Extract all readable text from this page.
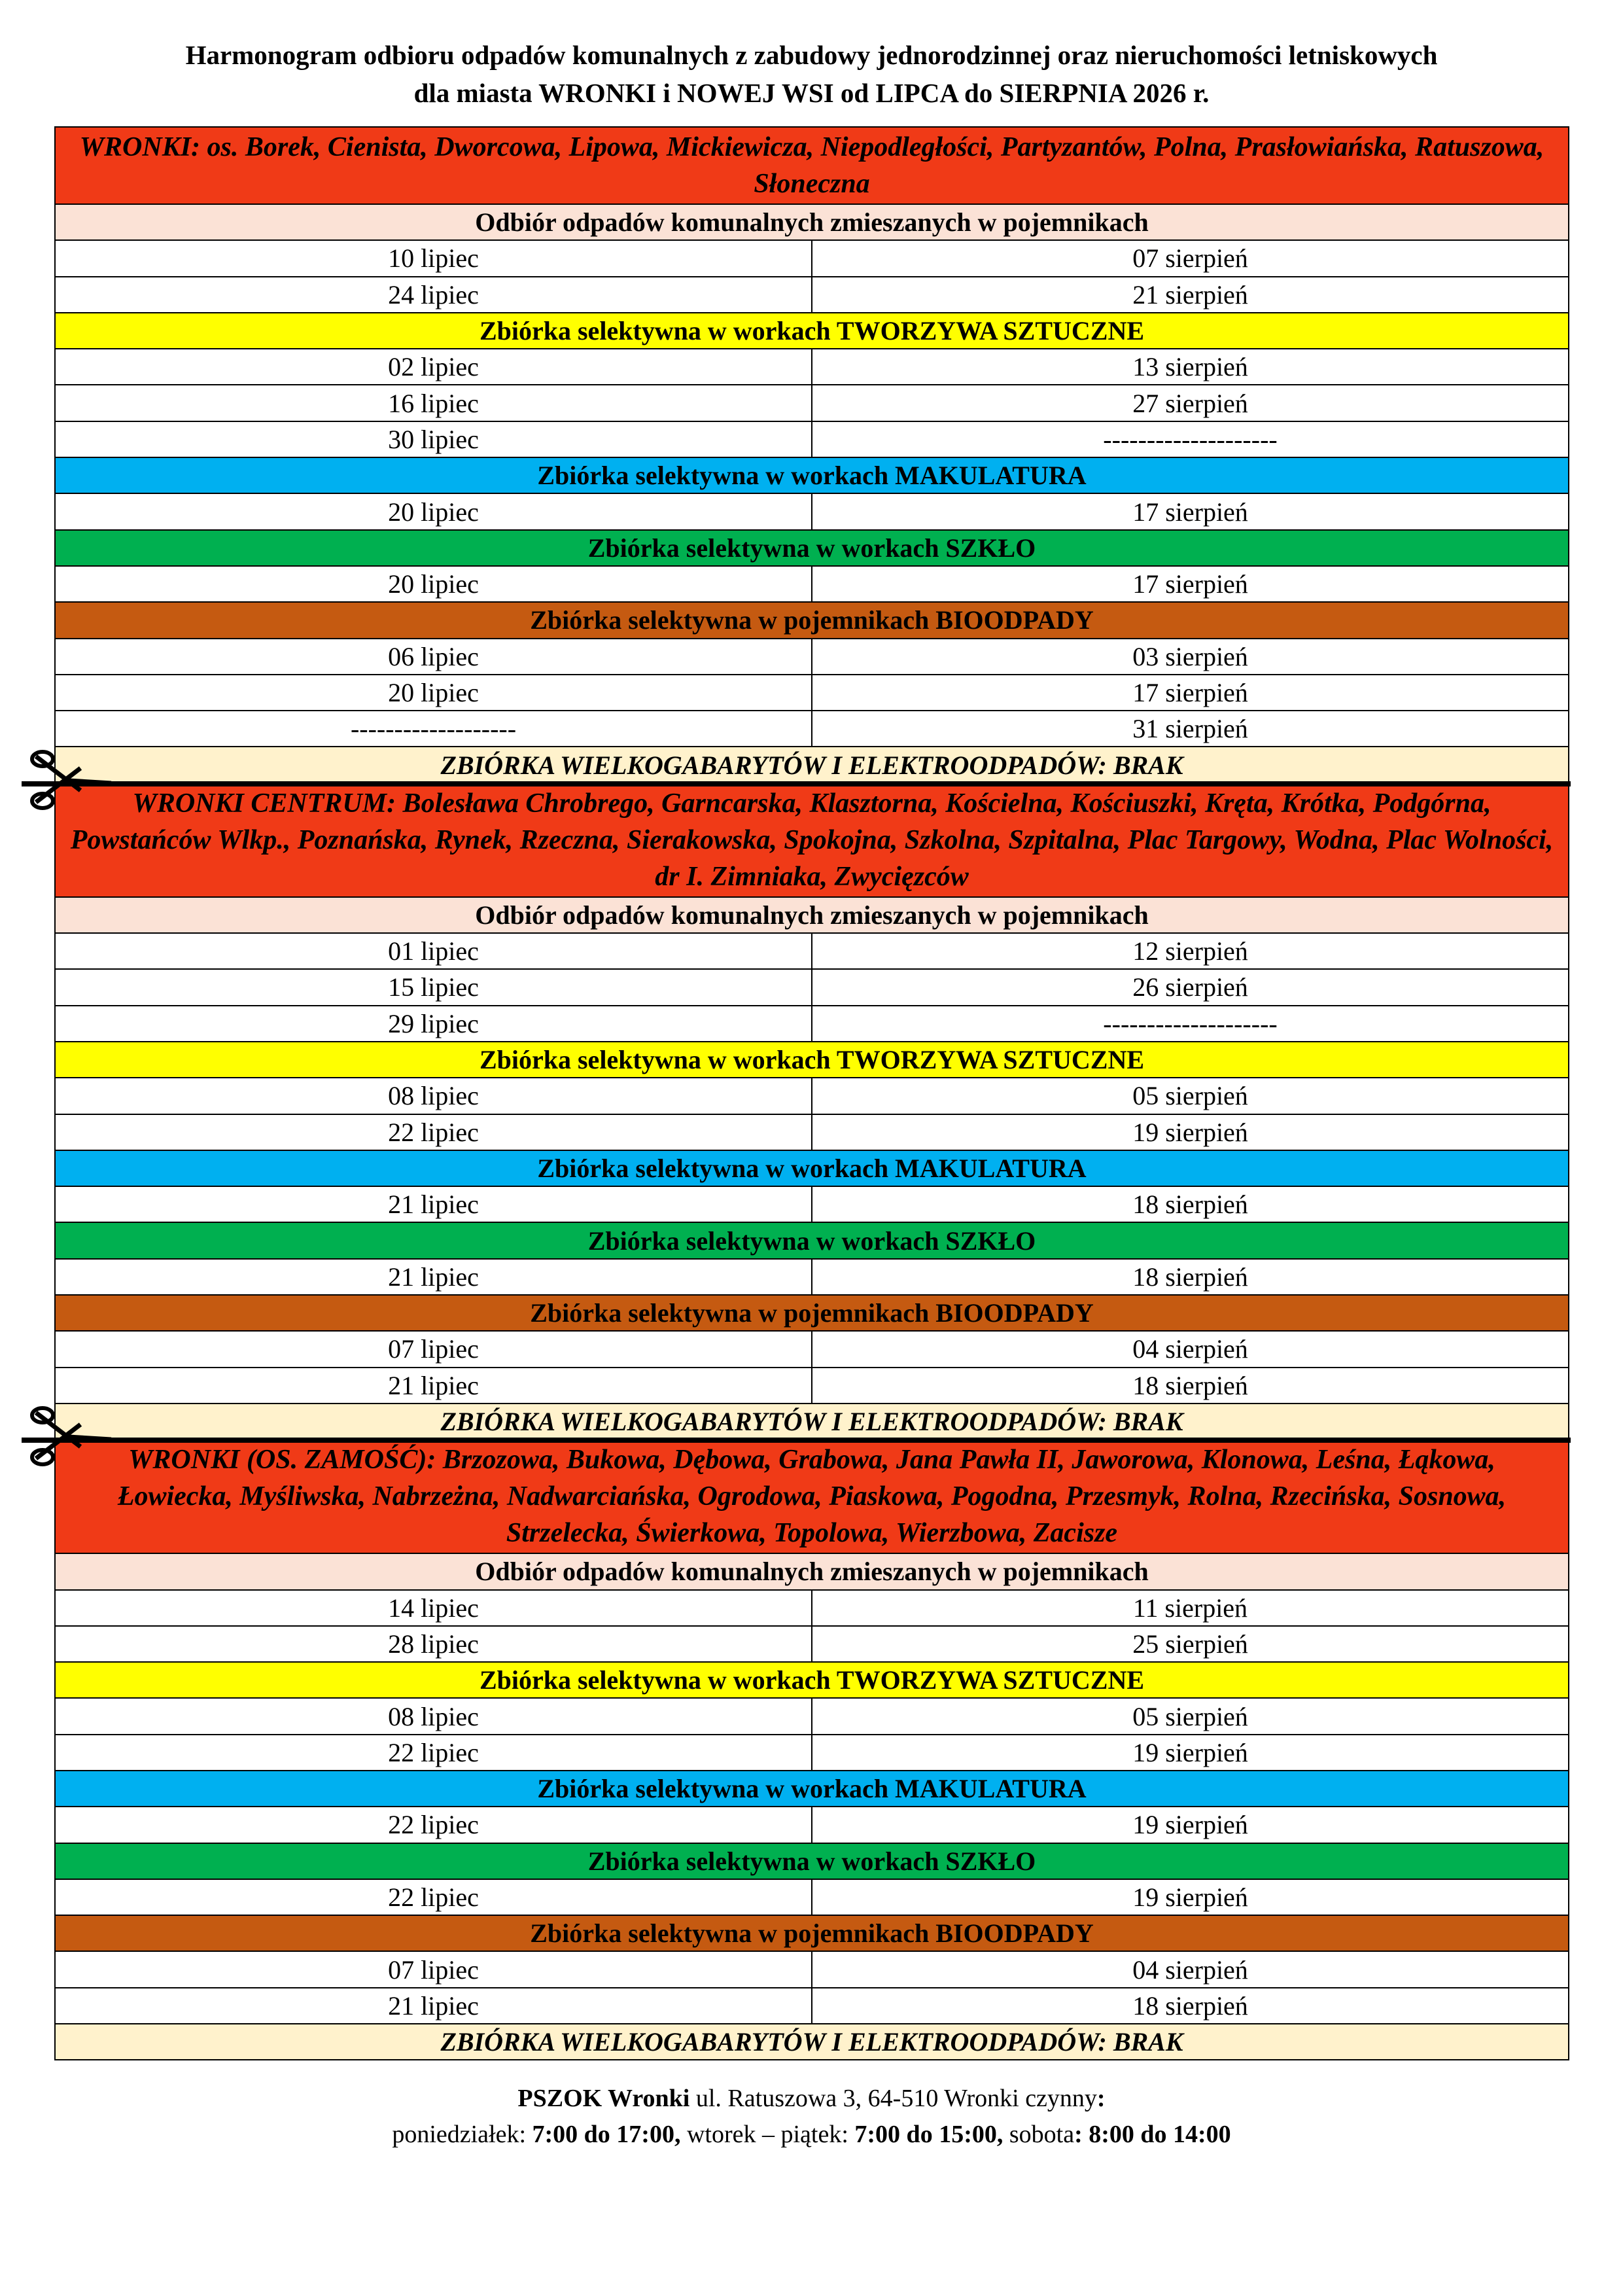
Harmonogram odbioru odpadów komunalnych z zabudowy jednorodzinnej oraz nieruchomości letniskowych
dla miasta WRONKI i NOWEJ WSI od LIPCA do SIERPNIA 2026 r.
WRONKI: os. Borek, Cienista, Dworcowa, Lipowa, Mickiewicza, Niepodległości, Partyzantów, Polna, Prasłowiańska, Ratuszowa, Słoneczna
Odbiór odpadów komunalnych zmieszanych w pojemnikach
10 lipiec	07 sierpień
24 lipiec	21 sierpień
Zbiórka selektywna w workach TWORZYWA SZTUCZNE
02 lipiec	13 sierpień
16 lipiec	27 sierpień
30 lipiec	--------------------
Zbiórka selektywna w workach MAKULATURA
20 lipiec	17 sierpień
Zbiórka selektywna w workach SZKŁO
20 lipiec	17 sierpień
Zbiórka selektywna w pojemnikach BIOODPADY
06 lipiec	03 sierpień
20 lipiec	17 sierpień
-------------------	31 sierpień
ZBIÓRKA WIELKOGABARYTÓW I ELEKTROODPADÓW: BRAK
WRONKI CENTRUM: Bolesława Chrobrego, Garncarska, Klasztorna, Kościelna, Kościuszki, Kręta, Krótka, Podgórna, Powstańców Wlkp., Poznańska, Rynek, Rzeczna, Sierakowska, Spokojna, Szkolna, Szpitalna, Plac Targowy, Wodna, Plac Wolności, dr I. Zimniaka, Zwycięzców
Odbiór odpadów komunalnych zmieszanych w pojemnikach
01 lipiec	12 sierpień
15 lipiec	26 sierpień
29 lipiec	--------------------
Zbiórka selektywna w workach TWORZYWA SZTUCZNE
08 lipiec	05 sierpień
22 lipiec	19 sierpień
Zbiórka selektywna w workach MAKULATURA
21 lipiec	18 sierpień
Zbiórka selektywna w workach SZKŁO
21 lipiec	18 sierpień
Zbiórka selektywna w pojemnikach BIOODPADY
07 lipiec	04 sierpień
21 lipiec	18 sierpień
ZBIÓRKA WIELKOGABARYTÓW I ELEKTROODPADÓW: BRAK
WRONKI (OS. ZAMOŚĆ): Brzozowa, Bukowa, Dębowa, Grabowa, Jana Pawła II, Jaworowa, Klonowa, Leśna, Łąkowa, Łowiecka, Myśliwska, Nabrzeżna, Nadwarciańska, Ogrodowa, Piaskowa, Pogodna, Przesmyk, Rolna, Rzecińska, Sosnowa, Strzelecka, Świerkowa, Topolowa, Wierzbowa, Zacisze
Odbiór odpadów komunalnych zmieszanych w pojemnikach
14 lipiec	11 sierpień
28 lipiec	25 sierpień
Zbiórka selektywna w workach TWORZYWA SZTUCZNE
08 lipiec	05 sierpień
22 lipiec	19 sierpień
Zbiórka selektywna w workach MAKULATURA
22 lipiec	19 sierpień
Zbiórka selektywna w workach SZKŁO
22 lipiec	19 sierpień
Zbiórka selektywna w pojemnikach BIOODPADY
07 lipiec	04 sierpień
21 lipiec	18 sierpień
ZBIÓRKA WIELKOGABARYTÓW I ELEKTROODPADÓW: BRAK
PSZOK Wronki ul. Ratuszowa 3, 64-510 Wronki czynny:
poniedziałek: 7:00 do 17:00, wtorek – piątek: 7:00 do 15:00, sobota: 8:00 do 14:00
